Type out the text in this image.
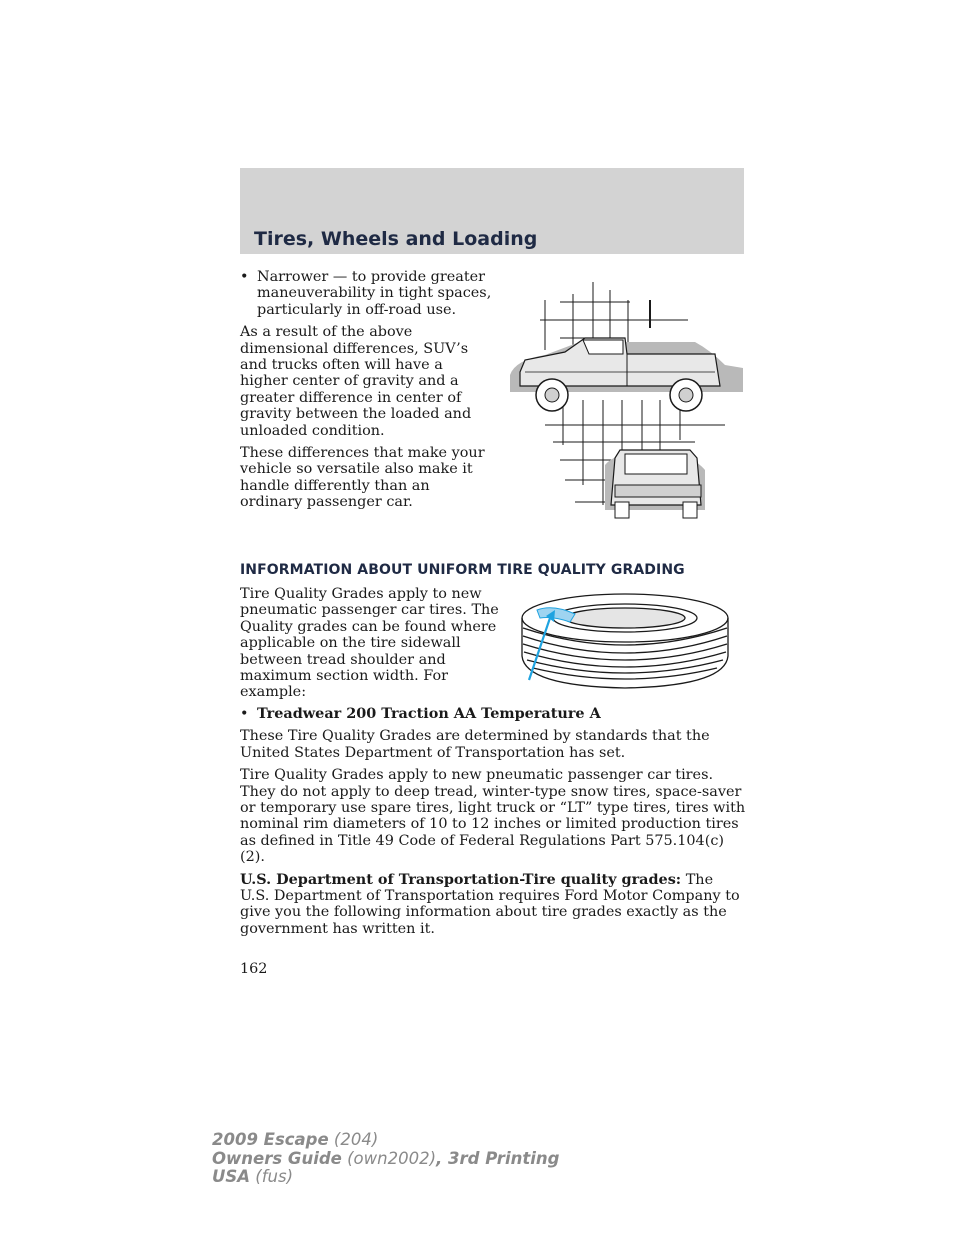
Tires, Wheels and Loading
• Narrower — to provide greater maneuverability in tight spaces, particularly in off-road use.

As a result of the above dimensional differences, SUV’s and trucks often will have a higher center of gravity and a greater difference in center of gravity between the loaded and unloaded condition.

These differences that make your vehicle so versatile also make it handle differently than an ordinary passenger car.

INFORMATION ABOUT UNIFORM TIRE QUALITY GRADING

Tire Quality Grades apply to new pneumatic passenger car tires. The Quality grades can be found where applicable on the tire sidewall between tread shoulder and maximum section width. For example:

• Treadwear 200 Traction AA Temperature A

These Tire Quality Grades are determined by standards that the United States Department of Transportation has set.

Tire Quality Grades apply to new pneumatic passenger car tires. They do not apply to deep tread, winter-type snow tires, space-saver or temporary use spare tires, light truck or “LT” type tires, tires with nominal rim diameters of 10 to 12 inches or limited production tires as defined in Title 49 Code of Federal Regulations Part 575.104(c)(2).

U.S. Department of Transportation-Tire quality grades: The U.S. Department of Transportation requires Ford Motor Company to give you the following information about tire grades exactly as the government has written it.

162
2009 Escape (204)
Owners Guide (own2002), 3rd Printing
USA (fus)
